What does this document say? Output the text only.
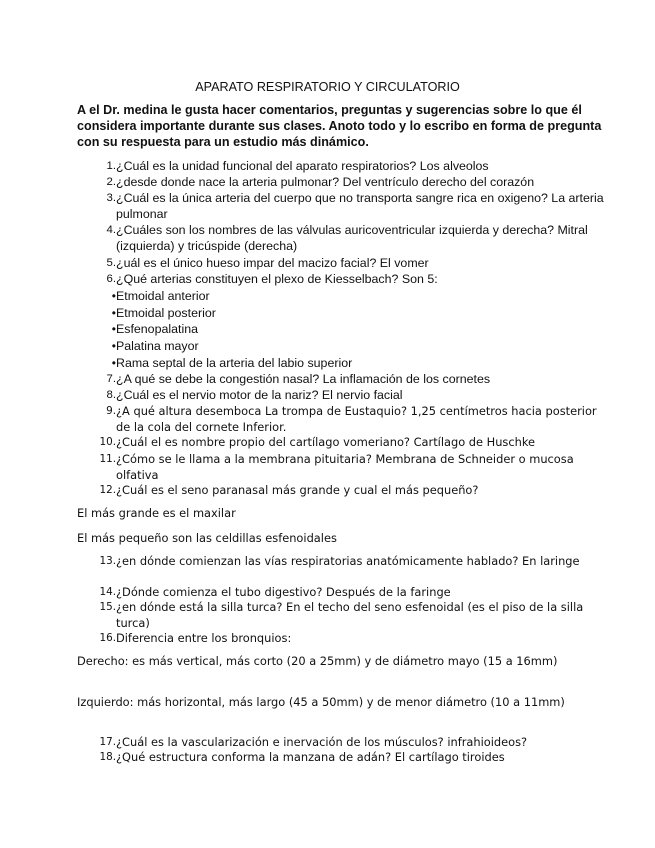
APARATO RESPIRATORIO Y CIRCULATORIO

A el Dr. medina le gusta hacer comentarios, preguntas y sugerencias sobre lo que él considera importante durante sus clases. Anoto todo y lo escribo en forma de pregunta con su respuesta para un estudio más dinámico.

1. ¿Cuál es la unidad funcional del aparato respiratorios? Los alveolos
2. ¿desde donde nace la arteria pulmonar? Del ventrículo derecho del corazón
3. ¿Cuál es la única arteria del cuerpo que no transporta sangre rica en oxigeno? La arteria pulmonar
4. ¿Cuáles son los nombres de las válvulas auricoventricular izquierda y derecha? Mitral (izquierda) y tricúspide (derecha)
5. ¿uál es el único hueso impar del macizo facial? El vomer
6. ¿Qué arterias constituyen el plexo de Kiesselbach? Son 5:
• Etmoidal anterior
• Etmoidal posterior
• Esfenopalatina
• Palatina mayor
• Rama septal de la arteria del labio superior
7. ¿A qué se debe la congestión nasal? La inflamación de los cornetes
8. ¿Cuál es el nervio motor de la nariz? El nervio facial
9. ¿A qué altura desemboca La trompa de Eustaquio? 1,25 centímetros hacia posterior de la cola del cornete Inferior.
10. ¿Cuál el es nombre propio del cartílago vomeriano? Cartílago de Huschke
11. ¿Cómo se le llama a la membrana pituitaria? Membrana de Schneider o mucosa olfativa
12. ¿Cuál es el seno paranasal más grande y cual el más pequeño?

El más grande es el maxilar

El más pequeño son las celdillas esfenoidales

13. ¿en dónde comienzan las vías respiratorias anatómicamente hablado? En laringe
14. ¿Dónde comienza el tubo digestivo? Después de la faringe
15. ¿en dónde está la silla turca? En el techo del seno esfenoidal (es el piso de la silla turca)
16. Diferencia entre los bronquios:

Derecho: es más vertical, más corto (20 a 25mm) y de diámetro mayo (15 a 16mm)

Izquierdo: más horizontal, más largo (45 a 50mm) y de menor diámetro (10 a 11mm)

17. ¿Cuál es la vascularización e inervación de los músculos? infrahioideos?
18. ¿Qué estructura conforma la manzana de adán? El cartílago tiroides
